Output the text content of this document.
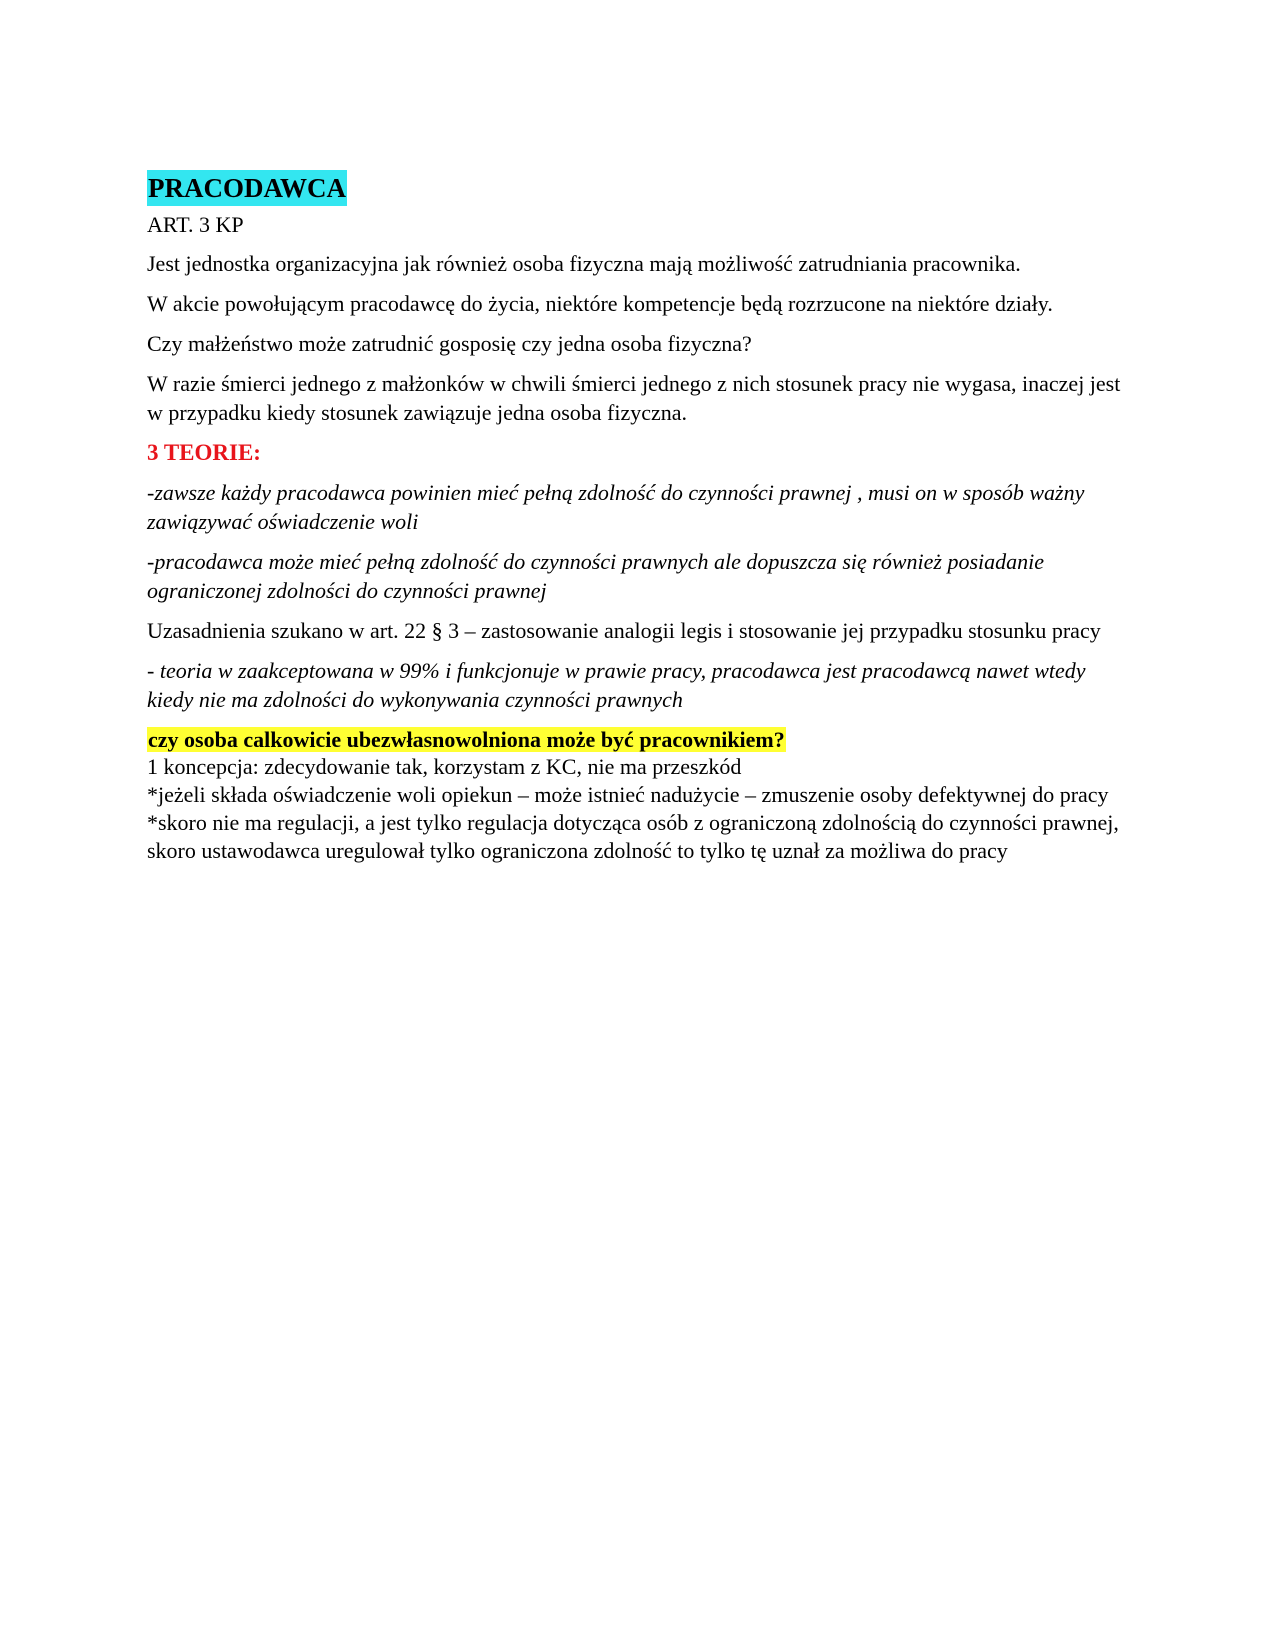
PRACODAWCA
ART. 3 KP

Jest jednostka organizacyjna jak również osoba fizyczna mają możliwość zatrudniania pracownika.

W akcie powołującym pracodawcę do życia, niektóre kompetencje będą rozrzucone na niektóre działy.

Czy małżeństwo może zatrudnić gosposię czy jedna osoba fizyczna?

W razie śmierci jednego z małżonków w chwili śmierci jednego z nich stosunek pracy nie wygasa, inaczej jest w przypadku kiedy stosunek zawiązuje jedna osoba fizyczna.

3 TEORIE:

-zawsze każdy pracodawca powinien mieć pełną zdolność do czynności prawnej , musi on w sposób ważny zawiązywać oświadczenie woli

-pracodawca może mieć pełną zdolność do czynności prawnych ale dopuszcza się również posiadanie ograniczonej zdolności do czynności prawnej

Uzasadnienia szukano w art. 22 § 3 – zastosowanie analogii legis i stosowanie jej przypadku stosunku pracy

- teoria w zaakceptowana w 99% i funkcjonuje w prawie pracy, pracodawca jest pracodawcą nawet wtedy kiedy nie ma zdolności do wykonywania czynności prawnych

czy osoba calkowicie ubezwłasnowolniona może być pracownikiem?

1 koncepcja: zdecydowanie tak, korzystam z KC, nie ma przeszkód

*jeżeli składa oświadczenie woli opiekun – może istnieć nadużycie – zmuszenie osoby defektywnej do pracy

*skoro nie ma regulacji, a jest tylko regulacja dotycząca osób z ograniczoną zdolnością do czynności prawnej, skoro ustawodawca uregulował tylko ograniczona zdolność to tylko tę uznał za możliwa do pracy
